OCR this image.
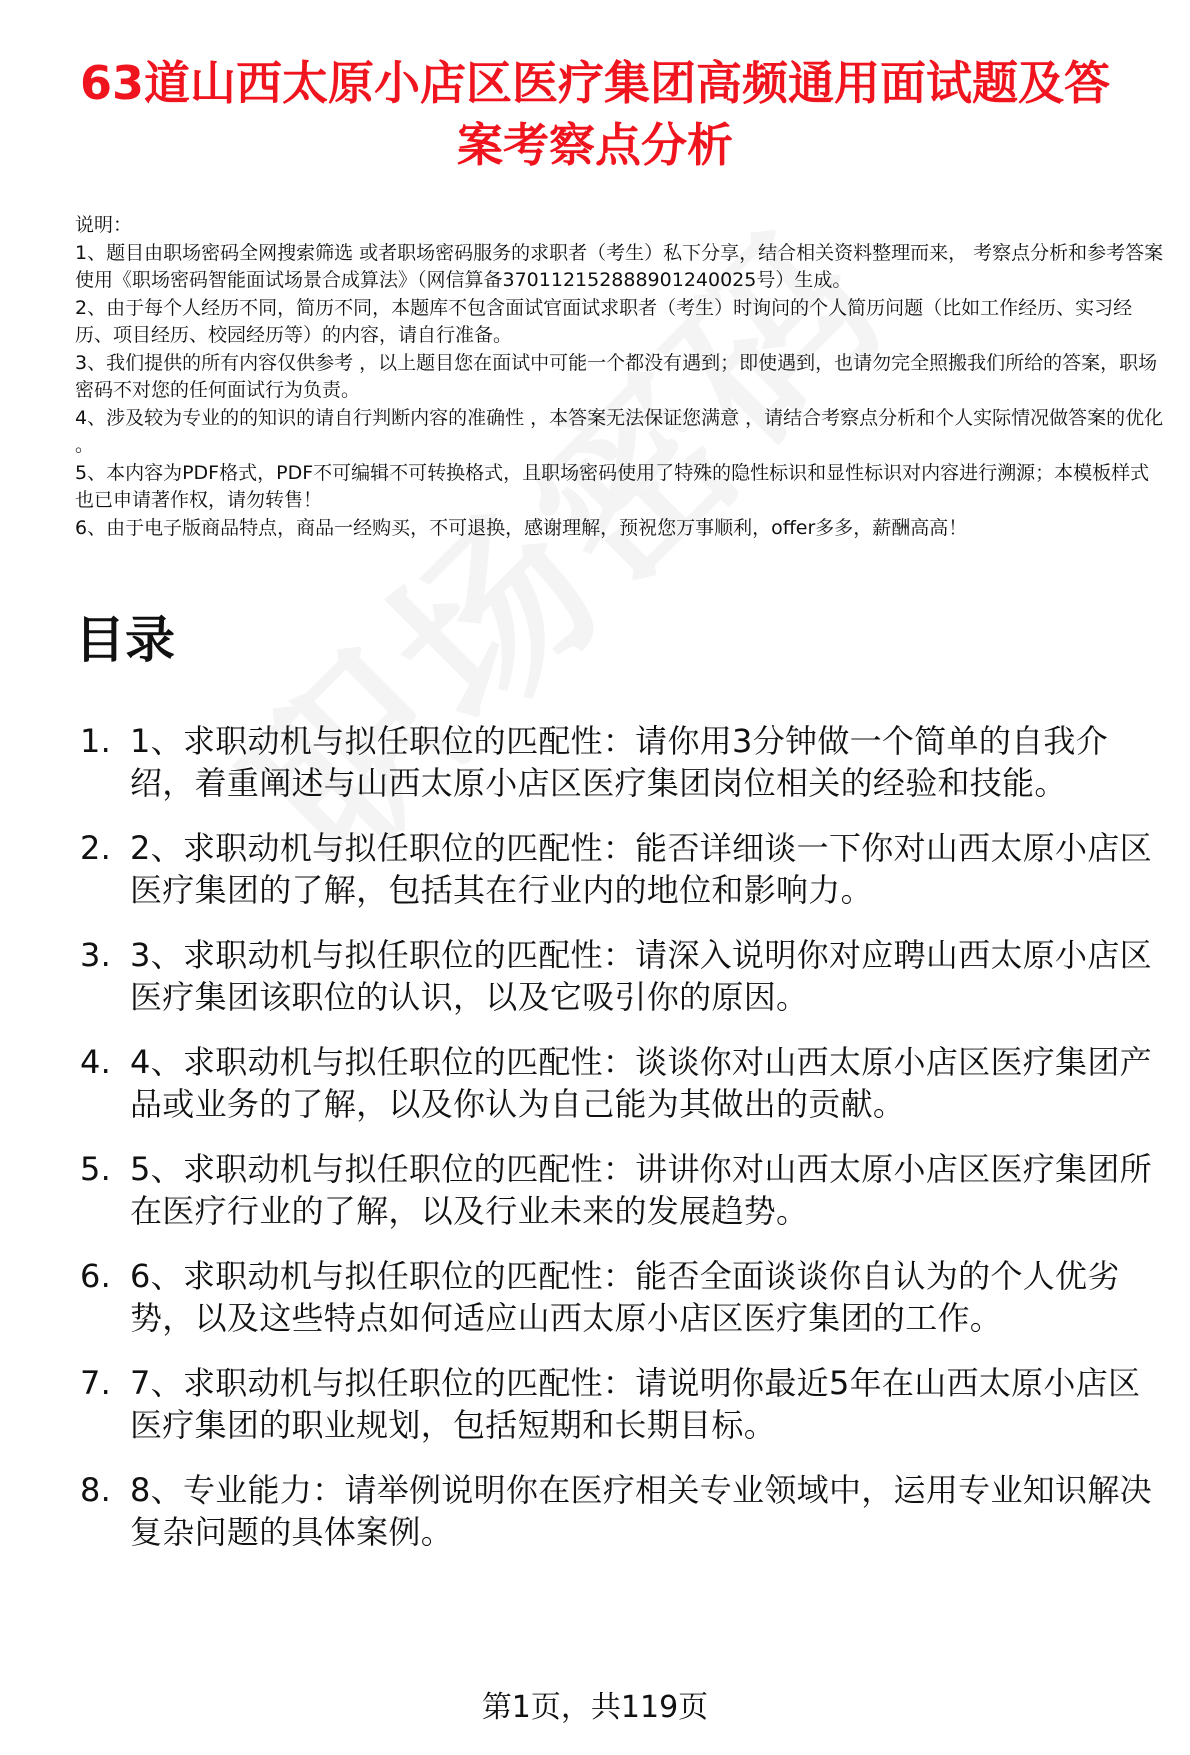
63道山西太原小店区医疗集团高频通用面试题及答案考察点分析

说明：

1、题目由职场密码全网搜索筛选 或者职场密码服务的求职者（考生）私下分享，结合相关资料整理而来， 考察点分析和参考答案使用《职场密码智能面试场景合成算法》（网信算备370112152888901240025号）生成。

2、由于每个人经历不同，简历不同，本题库不包含面试官面试求职者（考生）时询问的个人简历问题（比如工作经历、实习经历、项目经历、校园经历等）的内容，请自行准备。

3、我们提供的所有内容仅供参考 ，以上题目您在面试中可能一个都没有遇到；即使遇到，也请勿完全照搬我们所给的答案，职场密码不对您的任何面试行为负责。

4、涉及较为专业的的知识的请自行判断内容的准确性 ，本答案无法保证您满意 ，请结合考察点分析和个人实际情况做答案的优化 。

5、本内容为PDF格式，PDF不可编辑不可转换格式，且职场密码使用了特殊的隐性标识和显性标识对内容进行溯源；本模板样式也已申请著作权，请勿转售！

6、由于电子版商品特点，商品一经购买，不可退换，感谢理解，预祝您万事顺利，offer多多，薪酬高高！

目录
1. 1、求职动机与拟任职位的匹配性：请你用3分钟做一个简单的自我介绍，着重阐述与山西太原小店区医疗集团岗位相关的经验和技能。
2. 2、求职动机与拟任职位的匹配性：能否详细谈一下你对山西太原小店区医疗集团的了解，包括其在行业内的地位和影响力。
3. 3、求职动机与拟任职位的匹配性：请深入说明你对应聘山西太原小店区医疗集团该职位的认识，以及它吸引你的原因。
4. 4、求职动机与拟任职位的匹配性：谈谈你对山西太原小店区医疗集团产品或业务的了解，以及你认为自己能为其做出的贡献。
5. 5、求职动机与拟任职位的匹配性：讲讲你对山西太原小店区医疗集团所在医疗行业的了解，以及行业未来的发展趋势。
6. 6、求职动机与拟任职位的匹配性：能否全面谈谈你自认为的个人优劣势，以及这些特点如何适应山西太原小店区医疗集团的工作。
7. 7、求职动机与拟任职位的匹配性：请说明你最近5年在山西太原小店区医疗集团的职业规划，包括短期和长期目标。
8. 8、专业能力：请举例说明你在医疗相关专业领域中，运用专业知识解决复杂问题的具体案例。
第1页，共119页
